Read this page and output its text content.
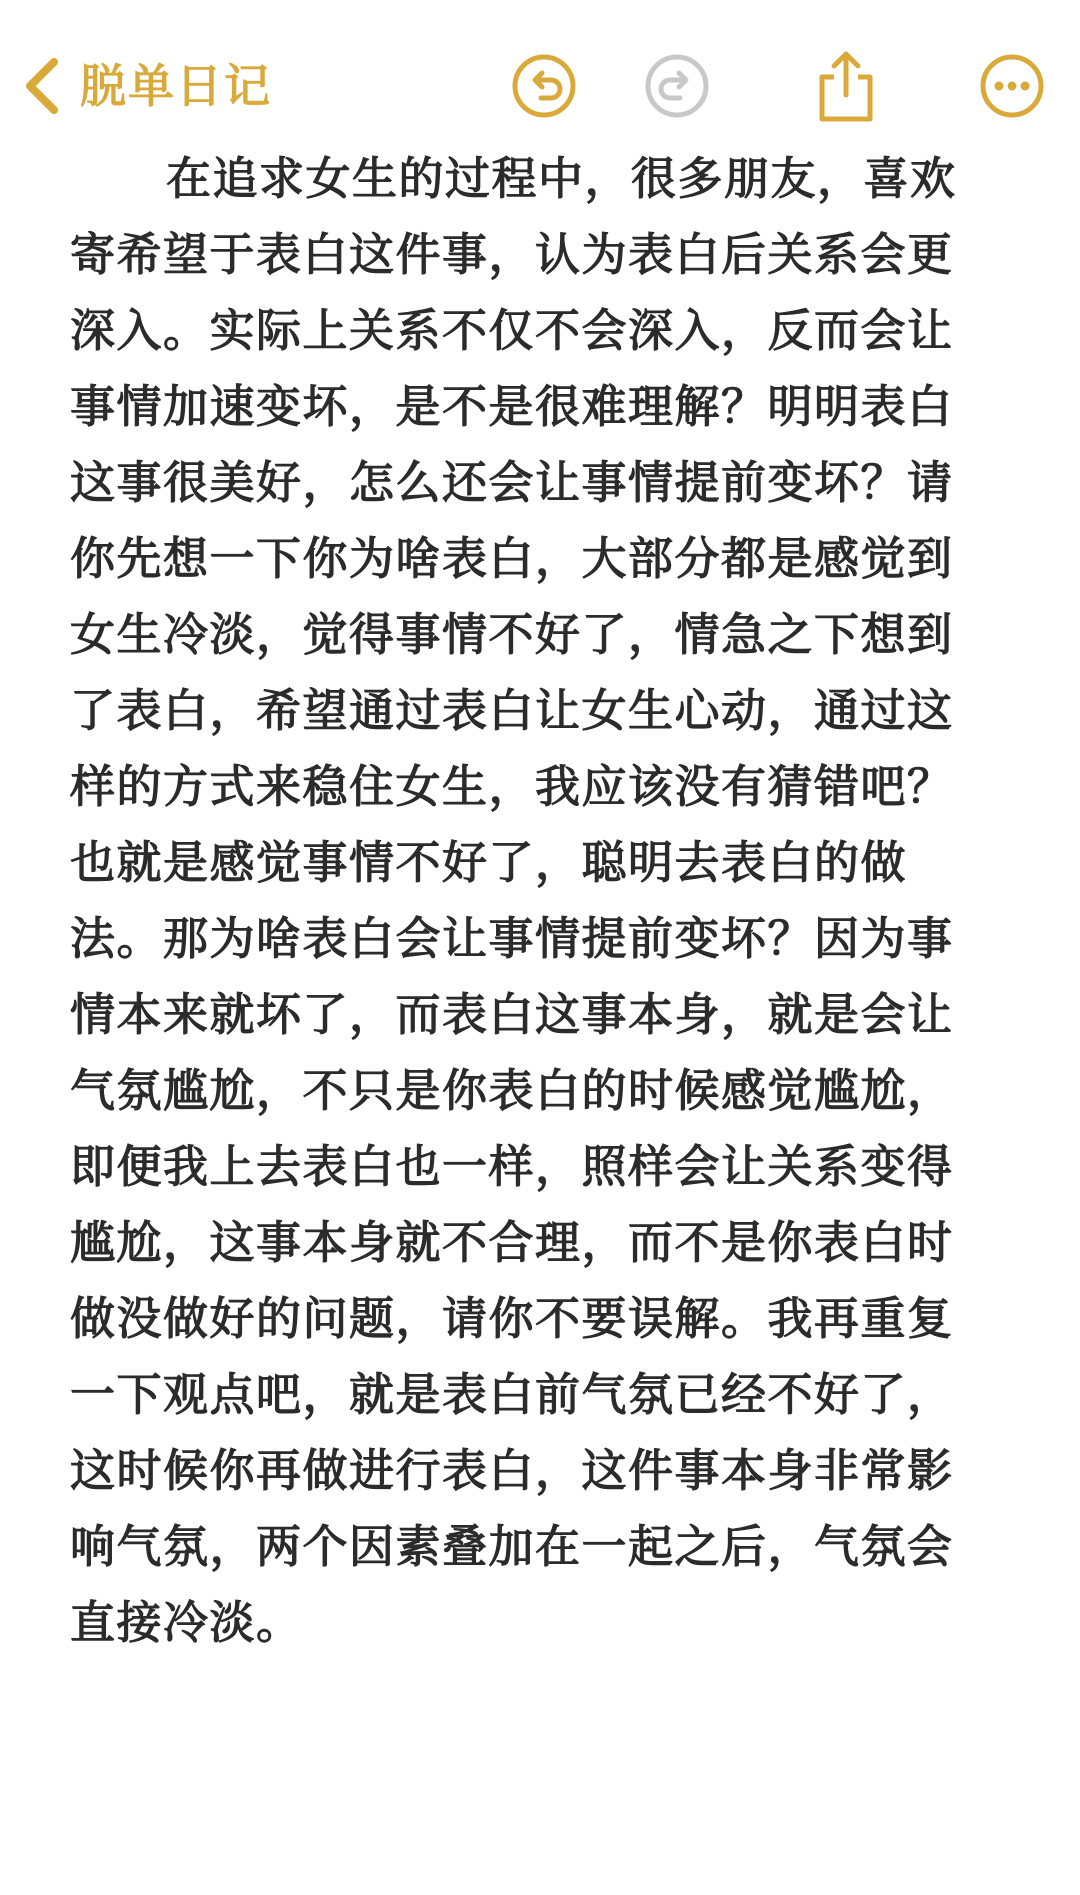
脱单日记

在追求女生的过程中，很多朋友，喜欢寄希望于表白这件事，认为表白后关系会更深入。实际上关系不仅不会深入，反而会让事情加速变坏，是不是很难理解？明明表白这事很美好，怎么还会让事情提前变坏？请你先想一下你为啥表白，大部分都是感觉到女生冷淡，觉得事情不好了，情急之下想到了表白，希望通过表白让女生心动，通过这样的方式来稳住女生，我应该没有猜错吧？也就是感觉事情不好了，聪明去表白的做法。那为啥表白会让事情提前变坏？因为事情本来就坏了，而表白这事本身，就是会让气氛尴尬，不只是你表白的时候感觉尴尬，即便我上去表白也一样，照样会让关系变得尴尬，这事本身就不合理，而不是你表白时做没做好的问题，请你不要误解。我再重复一下观点吧，就是表白前气氛已经不好了，这时候你再做进行表白，这件事本身非常影响气氛，两个因素叠加在一起之后，气氛会直接冷淡。
